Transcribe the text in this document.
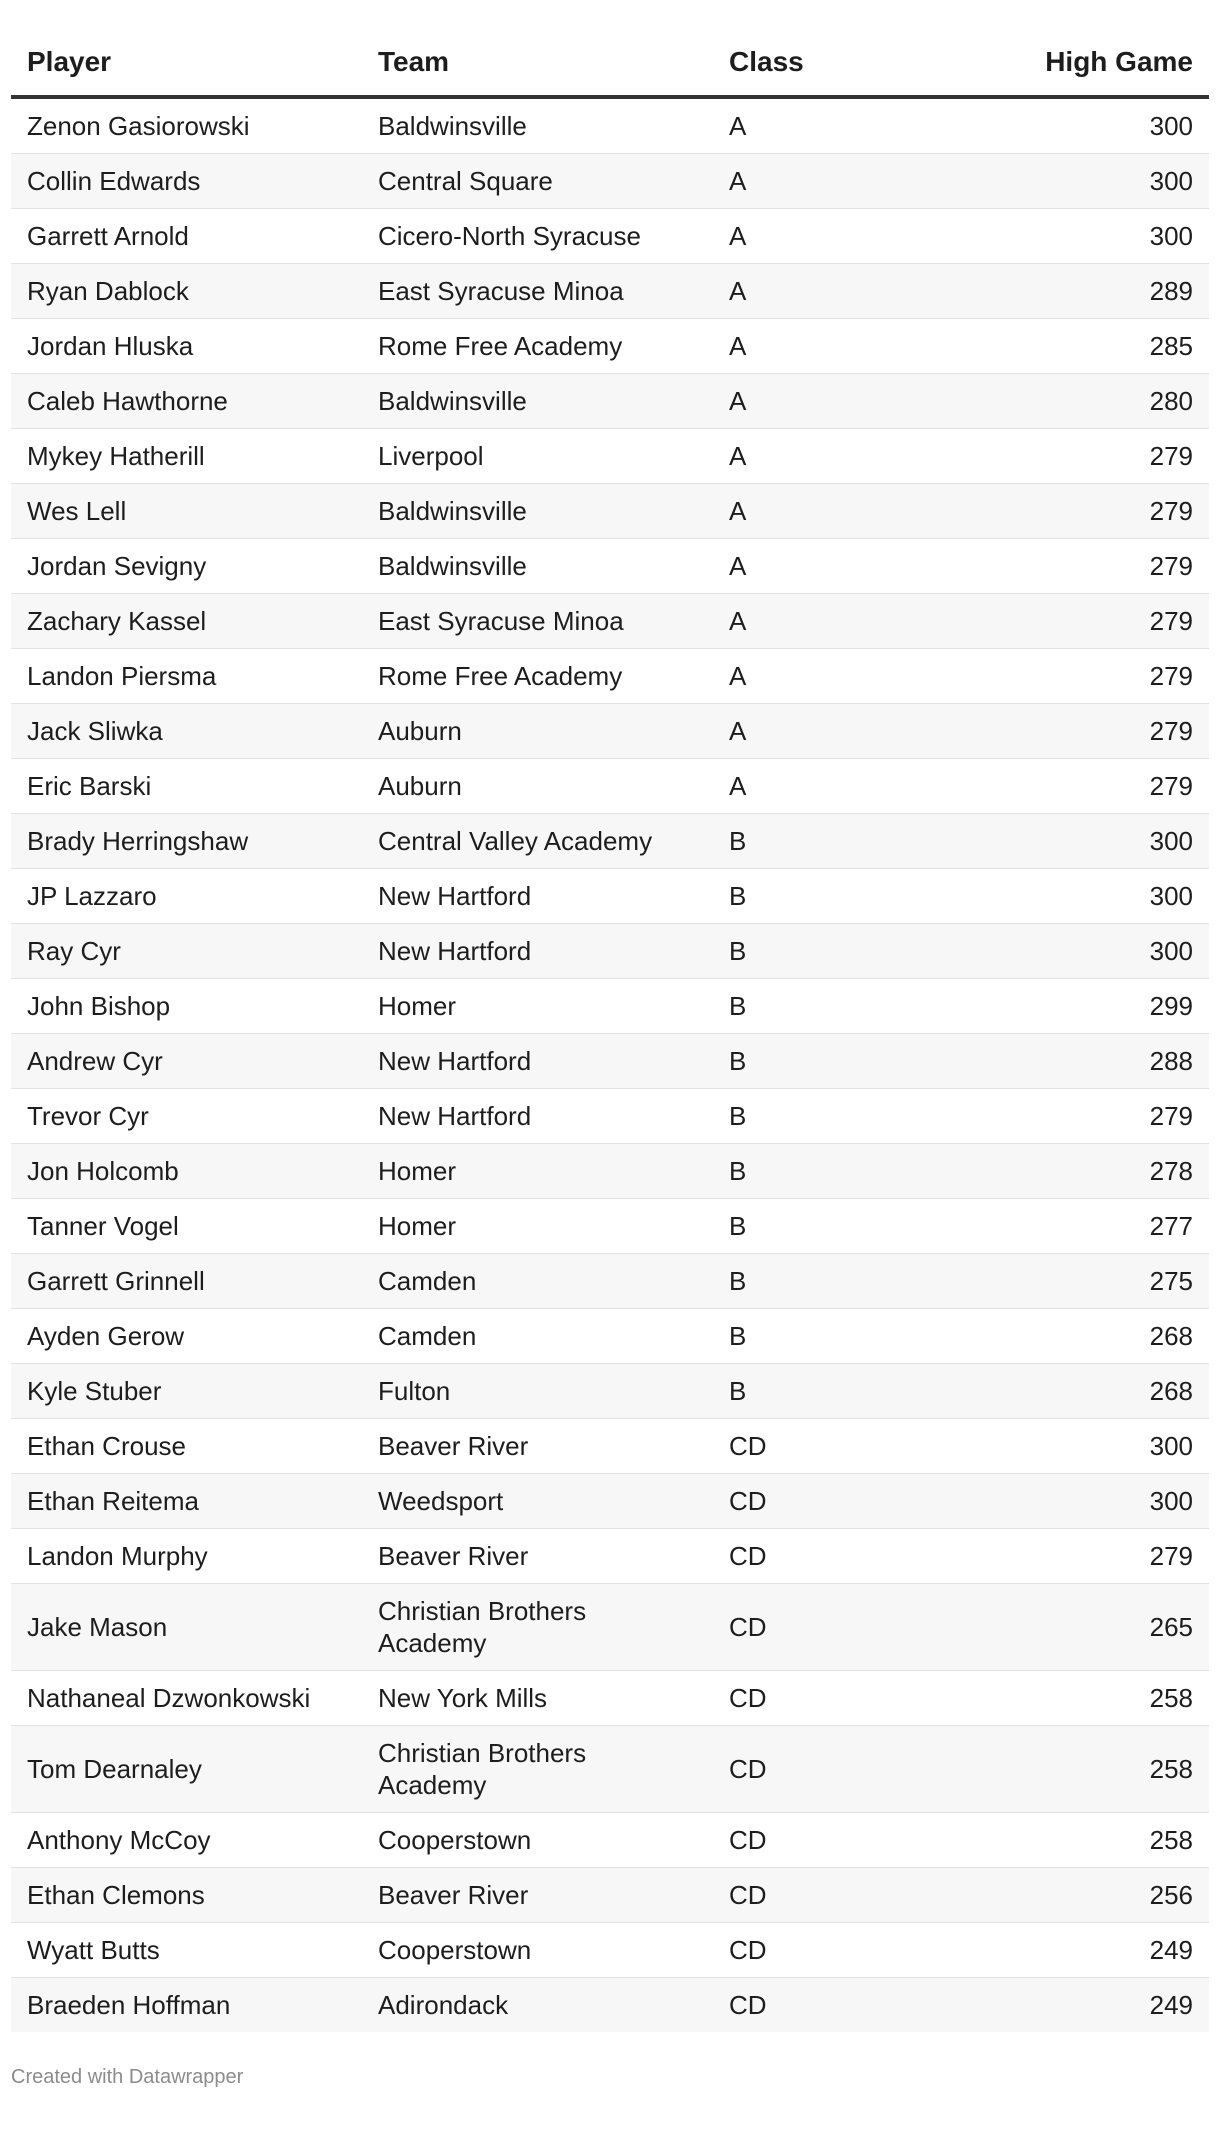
Player	Team	Class	High Game
Zenon Gasiorowski	Baldwinsville	A	300
Collin Edwards	Central Square	A	300
Garrett Arnold	Cicero-North Syracuse	A	300
Ryan Dablock	East Syracuse Minoa	A	289
Jordan Hluska	Rome Free Academy	A	285
Caleb Hawthorne	Baldwinsville	A	280
Mykey Hatherill	Liverpool	A	279
Wes Lell	Baldwinsville	A	279
Jordan Sevigny	Baldwinsville	A	279
Zachary Kassel	East Syracuse Minoa	A	279
Landon Piersma	Rome Free Academy	A	279
Jack Sliwka	Auburn	A	279
Eric Barski	Auburn	A	279
Brady Herringshaw	Central Valley Academy	B	300
JP Lazzaro	New Hartford	B	300
Ray Cyr	New Hartford	B	300
John Bishop	Homer	B	299
Andrew Cyr	New Hartford	B	288
Trevor Cyr	New Hartford	B	279
Jon Holcomb	Homer	B	278
Tanner Vogel	Homer	B	277
Garrett Grinnell	Camden	B	275
Ayden Gerow	Camden	B	268
Kyle Stuber	Fulton	B	268
Ethan Crouse	Beaver River	CD	300
Ethan Reitema	Weedsport	CD	300
Landon Murphy	Beaver River	CD	279
Jake Mason	Christian Brothers Academy	CD	265
Nathaneal Dzwonkowski	New York Mills	CD	258
Tom Dearnaley	Christian Brothers Academy	CD	258
Anthony McCoy	Cooperstown	CD	258
Ethan Clemons	Beaver River	CD	256
Wyatt Butts	Cooperstown	CD	249
Braeden Hoffman	Adirondack	CD	249
Created with Datawrapper
